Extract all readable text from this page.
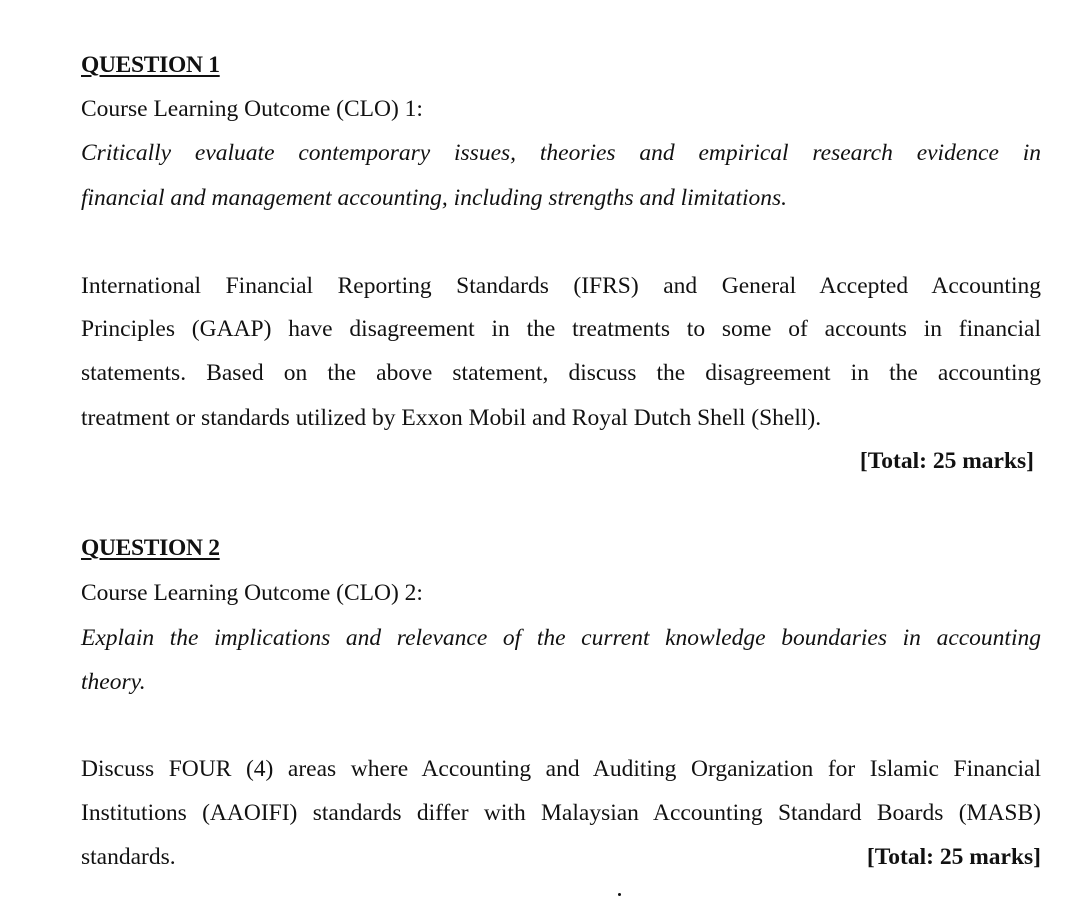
QUESTION 1
Course Learning Outcome (CLO) 1:
Critically evaluate contemporary issues, theories and empirical research evidence in
financial and management accounting, including strengths and limitations.
International Financial Reporting Standards (IFRS) and General Accepted Accounting
Principles (GAAP) have disagreement in the treatments to some of accounts in financial
statements. Based on the above statement, discuss the disagreement in the accounting
treatment or standards utilized by Exxon Mobil and Royal Dutch Shell (Shell).
[Total: 25 marks]
QUESTION 2
Course Learning Outcome (CLO) 2:
Explain the implications and relevance of the current knowledge boundaries in accounting
theory.
Discuss FOUR (4) areas where Accounting and Auditing Organization for Islamic Financial
Institutions (AAOIFI) standards differ with Malaysian Accounting Standard Boards (MASB)
standards.	[Total: 25 marks]
